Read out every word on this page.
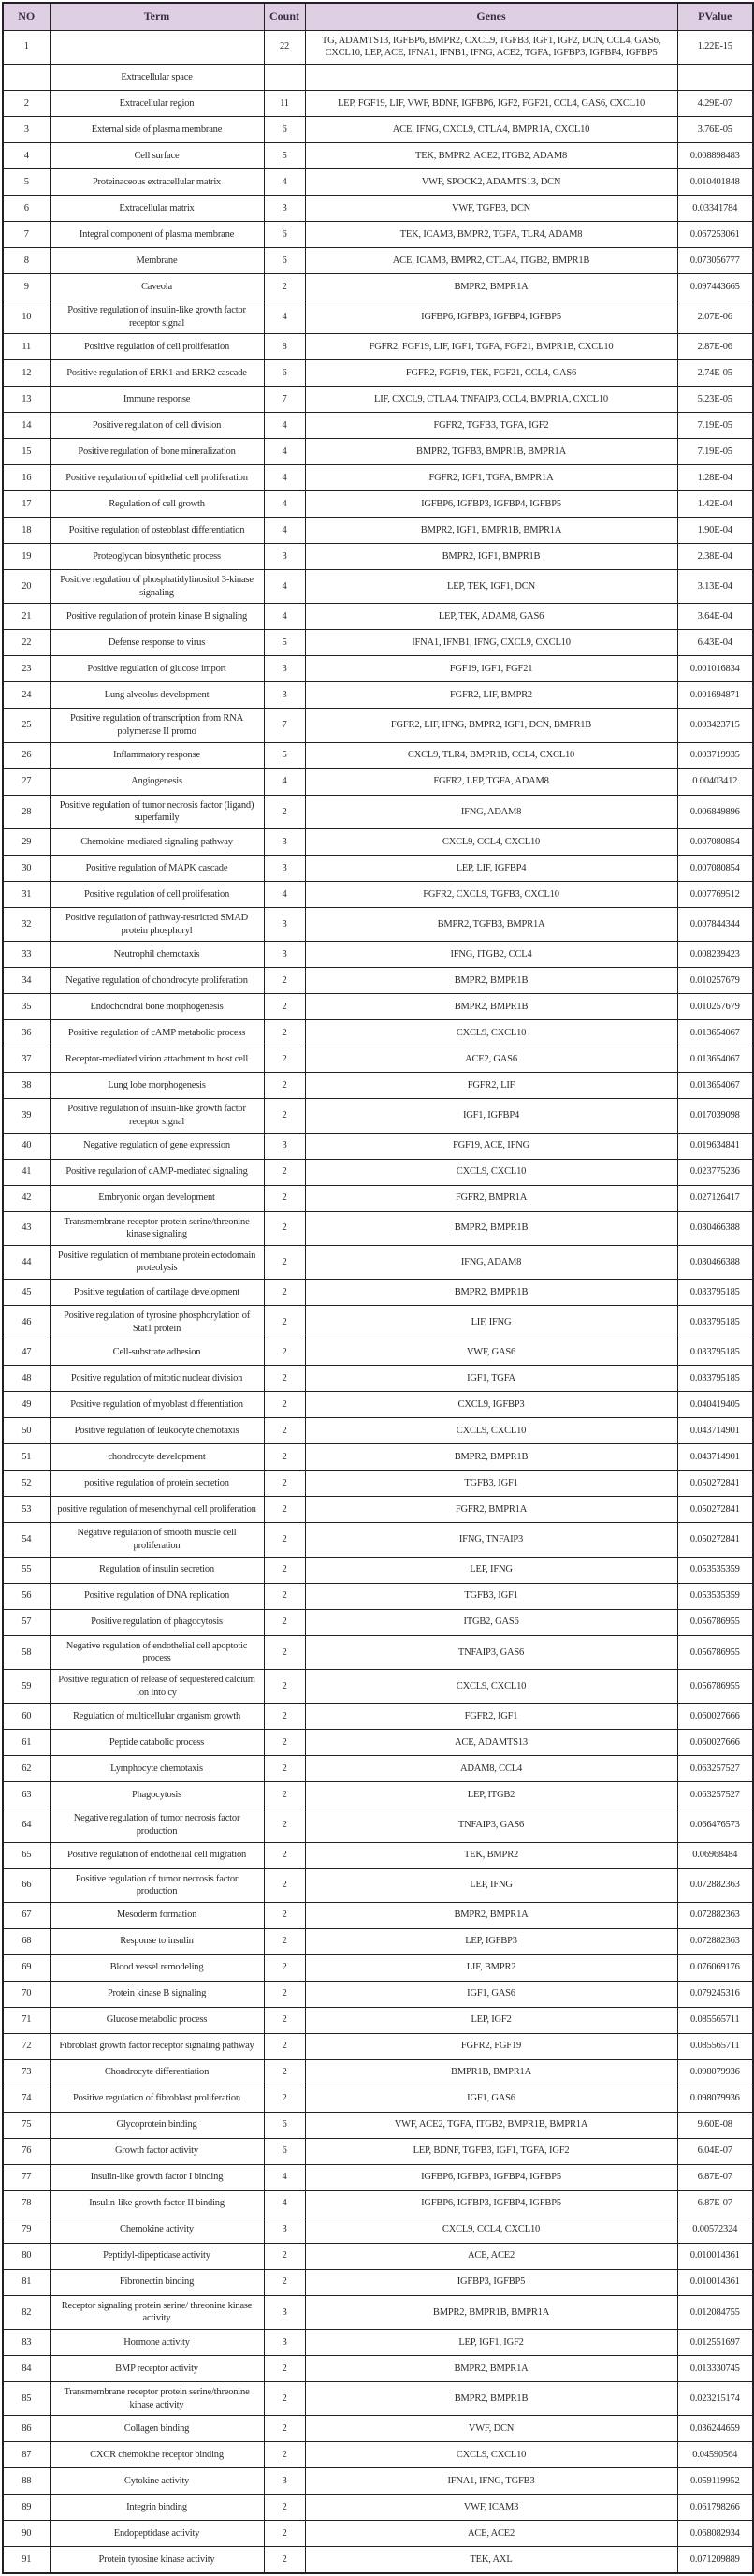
NO	Term	Count	Genes	PValue
1		22	TG, ADAMTS13, IGFBP6, BMPR2, CXCL9, TGFB3, IGF1, IGF2, DCN, CCL4, GAS6, CXCL10, LEP, ACE, IFNA1, IFNB1, IFNG, ACE2, TGFA, IGFBP3, IGFBP4, IGFBP5	1.22E-15
	Extracellular space			
2	Extracellular region	11	LEP, FGF19, LIF, VWF, BDNF, IGFBP6, IGF2, FGF21, CCL4, GAS6, CXCL10	4.29E-07
3	External side of plasma membrane	6	ACE, IFNG, CXCL9, CTLA4, BMPR1A, CXCL10	3.76E-05
4	Cell surface	5	TEK, BMPR2, ACE2, ITGB2, ADAM8	0.008898483
5	Proteinaceous extracellular matrix	4	VWF, SPOCK2, ADAMTS13, DCN	0.010401848
6	Extracellular matrix	3	VWF, TGFB3, DCN	0.03341784
7	Integral component of plasma membrane	6	TEK, ICAM3, BMPR2, TGFA, TLR4, ADAM8	0.067253061
8	Membrane	6	ACE, ICAM3, BMPR2, CTLA4, ITGB2, BMPR1B	0.073056777
9	Caveola	2	BMPR2, BMPR1A	0.097443665
10	Positive regulation of insulin-like growth factor receptor signal	4	IGFBP6, IGFBP3, IGFBP4, IGFBP5	2.07E-06
11	Positive regulation of cell proliferation	8	FGFR2, FGF19, LIF, IGF1, TGFA, FGF21, BMPR1B, CXCL10	2.87E-06
12	Positive regulation of ERK1 and ERK2 cascade	6	FGFR2, FGF19, TEK, FGF21, CCL4, GAS6	2.74E-05
13	Immune response	7	LIF, CXCL9, CTLA4, TNFAIP3, CCL4, BMPR1A, CXCL10	5.23E-05
14	Positive regulation of cell division	4	FGFR2, TGFB3, TGFA, IGF2	7.19E-05
15	Positive regulation of bone mineralization	4	BMPR2, TGFB3, BMPR1B, BMPR1A	7.19E-05
16	Positive regulation of epithelial cell proliferation	4	FGFR2, IGF1, TGFA, BMPR1A	1.28E-04
17	Regulation of cell growth	4	IGFBP6, IGFBP3, IGFBP4, IGFBP5	1.42E-04
18	Positive regulation of osteoblast differentiation	4	BMPR2, IGF1, BMPR1B, BMPR1A	1.90E-04
19	Proteoglycan biosynthetic process	3	BMPR2, IGF1, BMPR1B	2.38E-04
20	Positive regulation of phosphatidylinositol 3-kinase signaling	4	LEP, TEK, IGF1, DCN	3.13E-04
21	Positive regulation of protein kinase B signaling	4	LEP, TEK, ADAM8, GAS6	3.64E-04
22	Defense response to virus	5	IFNA1, IFNB1, IFNG, CXCL9, CXCL10	6.43E-04
23	Positive regulation of glucose import	3	FGF19, IGF1, FGF21	0.001016834
24	Lung alveolus development	3	FGFR2, LIF, BMPR2	0.001694871
25	Positive regulation of transcription from RNA polymerase II promo	7	FGFR2, LIF, IFNG, BMPR2, IGF1, DCN, BMPR1B	0.003423715
26	Inflammatory response	5	CXCL9, TLR4, BMPR1B, CCL4, CXCL10	0.003719935
27	Angiogenesis	4	FGFR2, LEP, TGFA, ADAM8	0.00403412
28	Positive regulation of tumor necrosis factor (ligand) superfamily	2	IFNG, ADAM8	0.006849896
29	Chemokine-mediated signaling pathway	3	CXCL9, CCL4, CXCL10	0.007080854
30	Positive regulation of MAPK cascade	3	LEP, LIF, IGFBP4	0.007080854
31	Positive regulation of cell proliferation	4	FGFR2, CXCL9, TGFB3, CXCL10	0.007769512
32	Positive regulation of pathway-restricted SMAD protein phosphoryl	3	BMPR2, TGFB3, BMPR1A	0.007844344
33	Neutrophil chemotaxis	3	IFNG, ITGB2, CCL4	0.008239423
34	Negative regulation of chondrocyte proliferation	2	BMPR2, BMPR1B	0.010257679
35	Endochondral bone morphogenesis	2	BMPR2, BMPR1B	0.010257679
36	Positive regulation of cAMP metabolic process	2	CXCL9, CXCL10	0.013654067
37	Receptor-mediated virion attachment to host cell	2	ACE2, GAS6	0.013654067
38	Lung lobe morphogenesis	2	FGFR2, LIF	0.013654067
39	Positive regulation of insulin-like growth factor receptor signal	2	IGF1, IGFBP4	0.017039098
40	Negative regulation of gene expression	3	FGF19, ACE, IFNG	0.019634841
41	Positive regulation of cAMP-mediated signaling	2	CXCL9, CXCL10	0.023775236
42	Embryonic organ development	2	FGFR2, BMPR1A	0.027126417
43	Transmembrane receptor protein serine/threonine kinase signaling	2	BMPR2, BMPR1B	0.030466388
44	Positive regulation of membrane protein ectodomain proteolysis	2	IFNG, ADAM8	0.030466388
45	Positive regulation of cartilage development	2	BMPR2, BMPR1B	0.033795185
46	Positive regulation of tyrosine phosphorylation of Stat1 protein	2	LIF, IFNG	0.033795185
47	Cell-substrate adhesion	2	VWF, GAS6	0.033795185
48	Positive regulation of mitotic nuclear division	2	IGF1, TGFA	0.033795185
49	Positive regulation of myoblast differentiation	2	CXCL9, IGFBP3	0.040419405
50	Positive regulation of leukocyte chemotaxis	2	CXCL9, CXCL10	0.043714901
51	chondrocyte development	2	BMPR2, BMPR1B	0.043714901
52	positive regulation of protein secretion	2	TGFB3, IGF1	0.050272841
53	positive regulation of mesenchymal cell proliferation	2	FGFR2, BMPR1A	0.050272841
54	Negative regulation of smooth muscle cell proliferation	2	IFNG, TNFAIP3	0.050272841
55	Regulation of insulin secretion	2	LEP, IFNG	0.053535359
56	Positive regulation of DNA replication	2	TGFB3, IGF1	0.053535359
57	Positive regulation of phagocytosis	2	ITGB2, GAS6	0.056786955
58	Negative regulation of endothelial cell apoptotic process	2	TNFAIP3, GAS6	0.056786955
59	Positive regulation of release of sequestered calcium ion into cy	2	CXCL9, CXCL10	0.056786955
60	Regulation of multicellular organism growth	2	FGFR2, IGF1	0.060027666
61	Peptide catabolic process	2	ACE, ADAMTS13	0.060027666
62	Lymphocyte chemotaxis	2	ADAM8, CCL4	0.063257527
63	Phagocytosis	2	LEP, ITGB2	0.063257527
64	Negative regulation of tumor necrosis factor production	2	TNFAIP3, GAS6	0.066476573
65	Positive regulation of endothelial cell migration	2	TEK, BMPR2	0.06968484
66	Positive regulation of tumor necrosis factor production	2	LEP, IFNG	0.072882363
67	Mesoderm formation	2	BMPR2, BMPR1A	0.072882363
68	Response to insulin	2	LEP, IGFBP3	0.072882363
69	Blood vessel remodeling	2	LIF, BMPR2	0.076069176
70	Protein kinase B signaling	2	IGF1, GAS6	0.079245316
71	Glucose metabolic process	2	LEP, IGF2	0.085565711
72	Fibroblast growth factor receptor signaling pathway	2	FGFR2, FGF19	0.085565711
73	Chondrocyte differentiation	2	BMPR1B, BMPR1A	0.098079936
74	Positive regulation of fibroblast proliferation	2	IGF1, GAS6	0.098079936
75	Glycoprotein binding	6	VWF, ACE2, TGFA, ITGB2, BMPR1B, BMPR1A	9.60E-08
76	Growth factor activity	6	LEP, BDNF, TGFB3, IGF1, TGFA, IGF2	6.04E-07
77	Insulin-like growth factor I binding	4	IGFBP6, IGFBP3, IGFBP4, IGFBP5	6.87E-07
78	Insulin-like growth factor II binding	4	IGFBP6, IGFBP3, IGFBP4, IGFBP5	6.87E-07
79	Chemokine activity	3	CXCL9, CCL4, CXCL10	0.00572324
80	Peptidyl-dipeptidase activity	2	ACE, ACE2	0.010014361
81	Fibronectin binding	2	IGFBP3, IGFBP5	0.010014361
82	Receptor signaling protein serine/ threonine kinase activity	3	BMPR2, BMPR1B, BMPR1A	0.012084755
83	Hormone activity	3	LEP, IGF1, IGF2	0.012551697
84	BMP receptor activity	2	BMPR2, BMPR1A	0.013330745
85	Transmembrane receptor protein serine/threonine kinase activity	2	BMPR2, BMPR1B	0.023215174
86	Collagen binding	2	VWF, DCN	0.036244659
87	CXCR chemokine receptor binding	2	CXCL9, CXCL10	0.04590564
88	Cytokine activity	3	IFNA1, IFNG, TGFB3	0.059119952
89	Integrin binding	2	VWF, ICAM3	0.061798266
90	Endopeptidase activity	2	ACE, ACE2	0.068082934
91	Protein tyrosine kinase activity	2	TEK, AXL	0.071209889
